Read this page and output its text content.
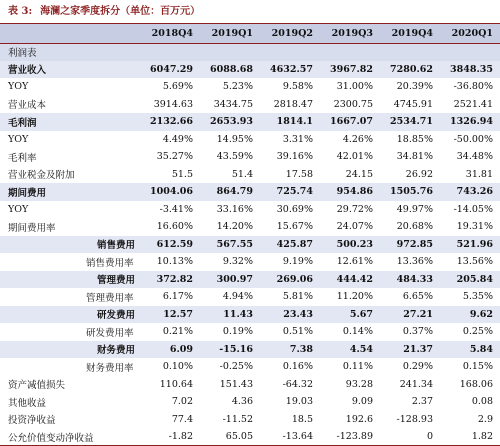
表 3: 海澜之家季度拆分（单位：百万元）
	2018Q4	2019Q1	2019Q2	2019Q3	2019Q4	2020Q1
利润表						
营业收入	6047.29	6088.68	4632.57	3967.82	7280.62	3848.35
YOY	5.69%	5.23%	9.58%	31.00%	20.39%	-36.80%
营业成本	3914.63	3434.75	2818.47	2300.75	4745.91	2521.41
毛利润	2132.66	2653.93	1814.1	1667.07	2534.71	1326.94
YOY	4.49%	14.95%	3.31%	4.26%	18.85%	-50.00%
毛利率	35.27%	43.59%	39.16%	42.01%	34.81%	34.48%
营业税金及附加	51.5	51.4	17.58	24.15	26.92	31.81
期间费用	1004.06	864.79	725.74	954.86	1505.76	743.26
YOY	-3.41%	33.16%	30.69%	29.72%	49.97%	-14.05%
期间费用率	16.60%	14.20%	15.67%	24.07%	20.68%	19.31%
销售费用	612.59	567.55	425.87	500.23	972.85	521.96
销售费用率	10.13%	9.32%	9.19%	12.61%	13.36%	13.56%
管理费用	372.82	300.97	269.06	444.42	484.33	205.84
管理费用率	6.17%	4.94%	5.81%	11.20%	6.65%	5.35%
研发费用	12.57	11.43	23.43	5.67	27.21	9.62
研发费用率	0.21%	0.19%	0.51%	0.14%	0.37%	0.25%
财务费用	6.09	-15.16	7.38	4.54	21.37	5.84
财务费用率	0.10%	-0.25%	0.16%	0.11%	0.29%	0.15%
资产减值损失	110.64	151.43	-64.32	93.28	241.34	168.06
其他收益	7.02	4.36	19.03	9.09	2.37	0.08
投资净收益	77.4	-11.52	18.5	192.6	-128.93	2.9
公允价值变动净收益	-1.82	65.05	-13.64	-123.89	0	1.82
